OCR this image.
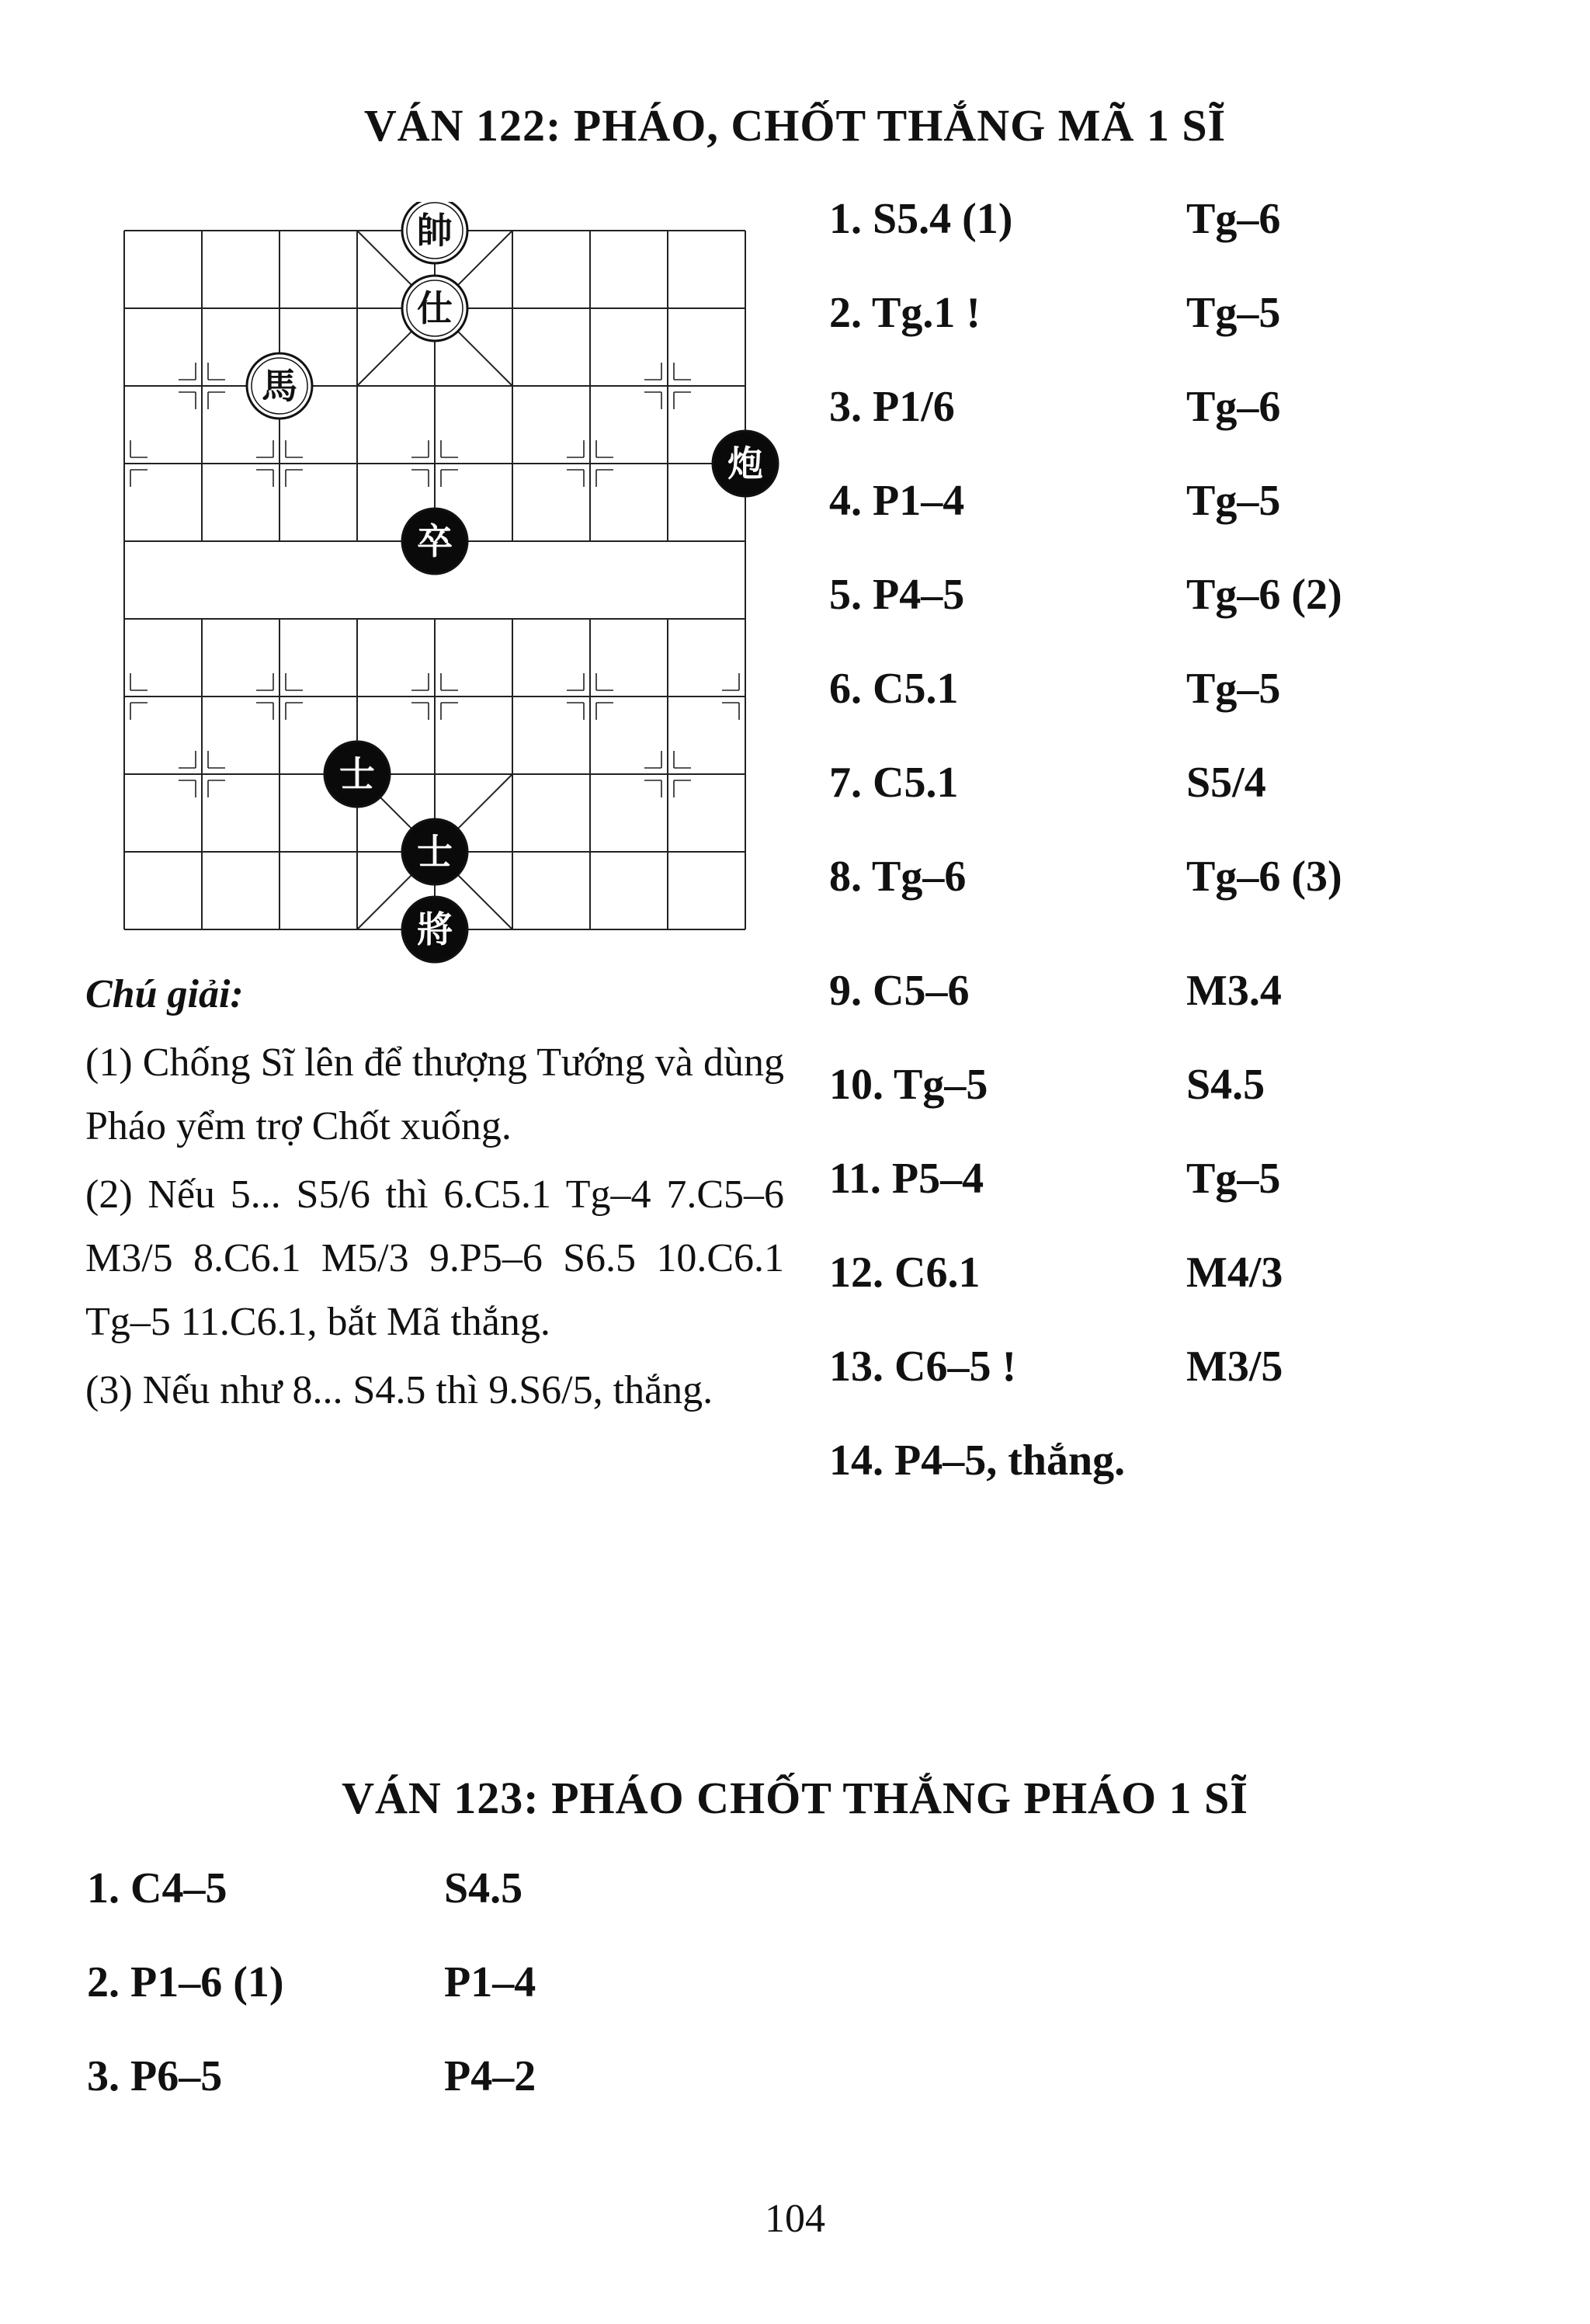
VÁN 122: PHÁO, CHỐT THẮNG MÃ 1 SĨ
帥
仕
馬
炮
卒
士
士
將
1. S5.4 (1)	Tg–6
2. Tg.1 !	Tg–5
3. P1/6	Tg–6
4. P1–4	Tg–5
5. P4–5	Tg–6 (2)
6. C5.1	Tg–5
7. C5.1	S5/4
8. Tg–6	Tg–6 (3)
9. C5–6	M3.4
10. Tg–5	S4.5
11. P5–4	Tg–5
12. C6.1	M4/3
13. C6–5 !	M3/5
14. P4–5, thắng.

Chú giải:

(1) Chống Sĩ lên để thượng Tướng và dùng Pháo yểm trợ Chốt xuống.

(2) Nếu 5... S5/6 thì 6.C5.1 Tg–4 7.C5–6 M3/5 8.C6.1 M5/3 9.P5–6 S6.5 10.C6.1 Tg–5 11.C6.1, bắt Mã thắng.

(3) Nếu như 8... S4.5 thì 9.S6/5, thắng.

VÁN 123: PHÁO CHỐT THẮNG PHÁO 1 SĨ
1. C4–5	S4.5
2. P1–6 (1)	P1–4
3. P6–5	P4–2
104
